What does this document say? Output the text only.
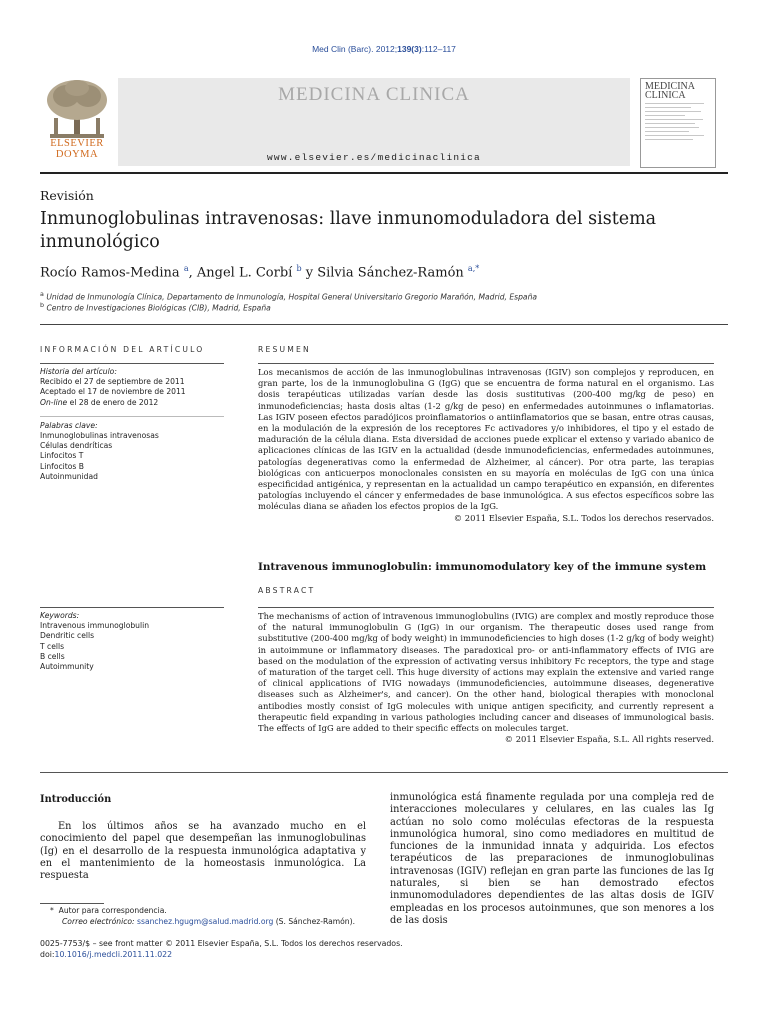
Med Clin (Barc). 2012;139(3):112–117
ELSEVIER
DOYMA
MEDICINA CLINICA
www.elsevier.es/medicinaclinica
MEDICINA
CLINICA
Revisión
Inmunoglobulinas intravenosas: llave inmunomoduladora del sistema inmunológico
Rocío Ramos-Medina $^a$, Angel L. Corbí $^b$ y Silvia Sánchez-Ramón $^{a,*}$
$^a$ Unidad de Inmunología Clínica, Departamento de Inmunología, Hospital General Universitario Gregorio Marañón, Madrid, España
$^b$ Centro de Investigaciones Biológicas (CIB), Madrid, España
INFORMACIÓN DEL ARTÍCULO	RESUMEN
Historia del artículo:
Recibido el 27 de septiembre de 2011
Aceptado el 17 de noviembre de 2011
On-line el 28 de enero de 2012
Palabras clave:
Inmunoglobulinas intravenosas
Células dendríticas
Linfocitos T
Linfocitos B
Autoinmunidad
Los mecanismos de acción de las inmunoglobulinas intravenosas (IGIV) son complejos y reproducen, en gran parte, los de la inmunoglobulina G (IgG) que se encuentra de forma natural en el organismo. Las dosis terapéuticas utilizadas varían desde las dosis sustitutivas (200-400 mg/kg de peso) en inmunodeficiencias; hasta dosis altas (1-2 g/kg de peso) en enfermedades autoinmunes o inflamatorias. Las IGIV poseen efectos paradójicos proinflamatorios o antiinflamatorios que se basan, entre otras causas, en la modulación de la expresión de los receptores Fc activadores y/o inhibidores, el tipo y el estado de maduración de la célula diana. Esta diversidad de acciones puede explicar el extenso y variado abanico de aplicaciones clínicas de las IGIV en la actualidad (desde inmunodeficiencias, enfermedades autoinmunes, patologías degenerativas como la enfermedad de Alzheimer, al cáncer). Por otra parte, las terapias biológicas con anticuerpos monoclonales consisten en su mayoría en moléculas de IgG con una única especificidad antigénica, y representan en la actualidad un campo terapéutico en expansión, en diferentes patologías incluyendo el cáncer y enfermedades de base inmunológica. A sus efectos específicos sobre las moléculas diana se añaden los efectos propios de la IgG.
© 2011 Elsevier España, S.L. Todos los derechos reservados.
Intravenous immunoglobulin: immunomodulatory key of the immune system
ABSTRACT
Keywords:
Intravenous immunoglobulin
Dendritic cells
T cells
B cells
Autoimmunity
The mechanisms of action of intravenous immunoglobulins (IVIG) are complex and mostly reproduce those of the natural immunoglobulin G (IgG) in our organism. The therapeutic doses used range from substitutive (200-400 mg/kg of body weight) in immunodeficiencies to high doses (1-2 g/kg of body weight) in autoimmune or inflammatory diseases. The paradoxical pro- or anti-inflammatory effects of IVIG are based on the modulation of the expression of activating versus inhibitory Fc receptors, the type and stage of maturation of the target cell. This huge diversity of actions may explain the extensive and varied range of clinical applications of IVIG nowadays (immunodeficiencies, autoimmune diseases, degenerative diseases such as Alzheimer's, and cancer). On the other hand, biological therapies with monoclonal antibodies mostly consist of IgG molecules with unique antigen specificity, and currently represent a therapeutic field expanding in various pathologies including cancer and diseases of immunological basis. The effects of IgG are added to their specific effects on molecules target.
© 2011 Elsevier España, S.L. All rights reserved.
Introducción
En los últimos años se ha avanzado mucho en el conocimiento del papel que desempeñan las inmunoglobulinas (Ig) en el desarrollo de la respuesta inmunológica adaptativa y en el mantenimiento de la homeostasis inmunológica. La respuesta
inmunológica está finamente regulada por una compleja red de interacciones moleculares y celulares, en las cuales las Ig actúan no solo como moléculas efectoras de la respuesta inmunológica humoral, sino como mediadores en multitud de funciones de la inmunidad innata y adquirida. Los efectos terapéuticos de las preparaciones de inmunoglobulinas intravenosas (IGIV) reflejan en gran parte las funciones de las Ig naturales, si bien se han demostrado efectos inmunomoduladores dependientes de las altas dosis de IGIV empleadas en los procesos autoinmunes, que son menores a los de las dosis
* Autor para correspondencia.
Correo electrónico: ssanchez.hgugm@salud.madrid.org (S. Sánchez-Ramón).
0025-7753/$ – see front matter © 2011 Elsevier España, S.L. Todos los derechos reservados.
doi:10.1016/j.medcli.2011.11.022
